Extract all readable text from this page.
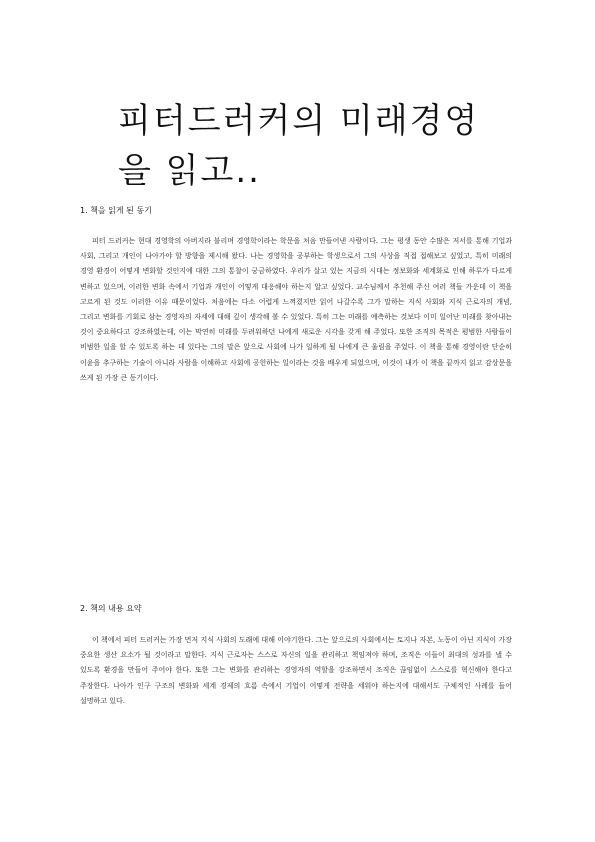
피터드러커의 미래경영 을 읽고..
1. 책을 읽게 된 동기

피터 드러커는 현대 경영학의 아버지라 불리며 경영학이라는 학문을 처음 만들어낸 사람이다. 그는 평생 동안 수많은 저서를 통해 기업과 사회, 그리고 개인이 나아가야 할 방향을 제시해 왔다. 나는 경영학을 공부하는 학생으로서 그의 사상을 직접 접해보고 싶었고, 특히 미래의 경영 환경이 어떻게 변화할 것인지에 대한 그의 통찰이 궁금하였다. 우리가 살고 있는 지금의 시대는 정보화와 세계화로 인해 하루가 다르게 변하고 있으며, 이러한 변화 속에서 기업과 개인이 어떻게 대응해야 하는지 알고 싶었다. 교수님께서 추천해 주신 여러 책들 가운데 이 책을 고르게 된 것도 이러한 이유 때문이었다. 처음에는 다소 어렵게 느껴졌지만 읽어 나갈수록 그가 말하는 지식 사회와 지식 근로자의 개념, 그리고 변화를 기회로 삼는 경영자의 자세에 대해 깊이 생각해 볼 수 있었다. 특히 그는 미래를 예측하는 것보다 이미 일어난 미래를 찾아내는 것이 중요하다고 강조하였는데, 이는 막연히 미래를 두려워하던 나에게 새로운 시각을 갖게 해 주었다. 또한 조직의 목적은 평범한 사람들이 비범한 일을 할 수 있도록 하는 데 있다는 그의 말은 앞으로 사회에 나가 일하게 될 나에게 큰 울림을 주었다. 이 책을 통해 경영이란 단순히 이윤을 추구하는 기술이 아니라 사람을 이해하고 사회에 공헌하는 일이라는 것을 배우게 되었으며, 이것이 내가 이 책을 끝까지 읽고 감상문을 쓰게 된 가장 큰 동기이다.

2. 책의 내용 요약

이 책에서 피터 드러커는 가장 먼저 지식 사회의 도래에 대해 이야기한다. 그는 앞으로의 사회에서는 토지나 자본, 노동이 아닌 지식이 가장 중요한 생산 요소가 될 것이라고 말한다. 지식 근로자는 스스로 자신의 일을 관리하고 책임져야 하며, 조직은 이들이 최대의 성과를 낼 수 있도록 환경을 만들어 주어야 한다. 또한 그는 변화를 관리하는 경영자의 역할을 강조하면서 조직은 끊임없이 스스로를 혁신해야 한다고 주장한다. 나아가 인구 구조의 변화와 세계 경제의 흐름 속에서 기업이 어떻게 전략을 세워야 하는지에 대해서도 구체적인 사례를 들어 설명하고 있다.
